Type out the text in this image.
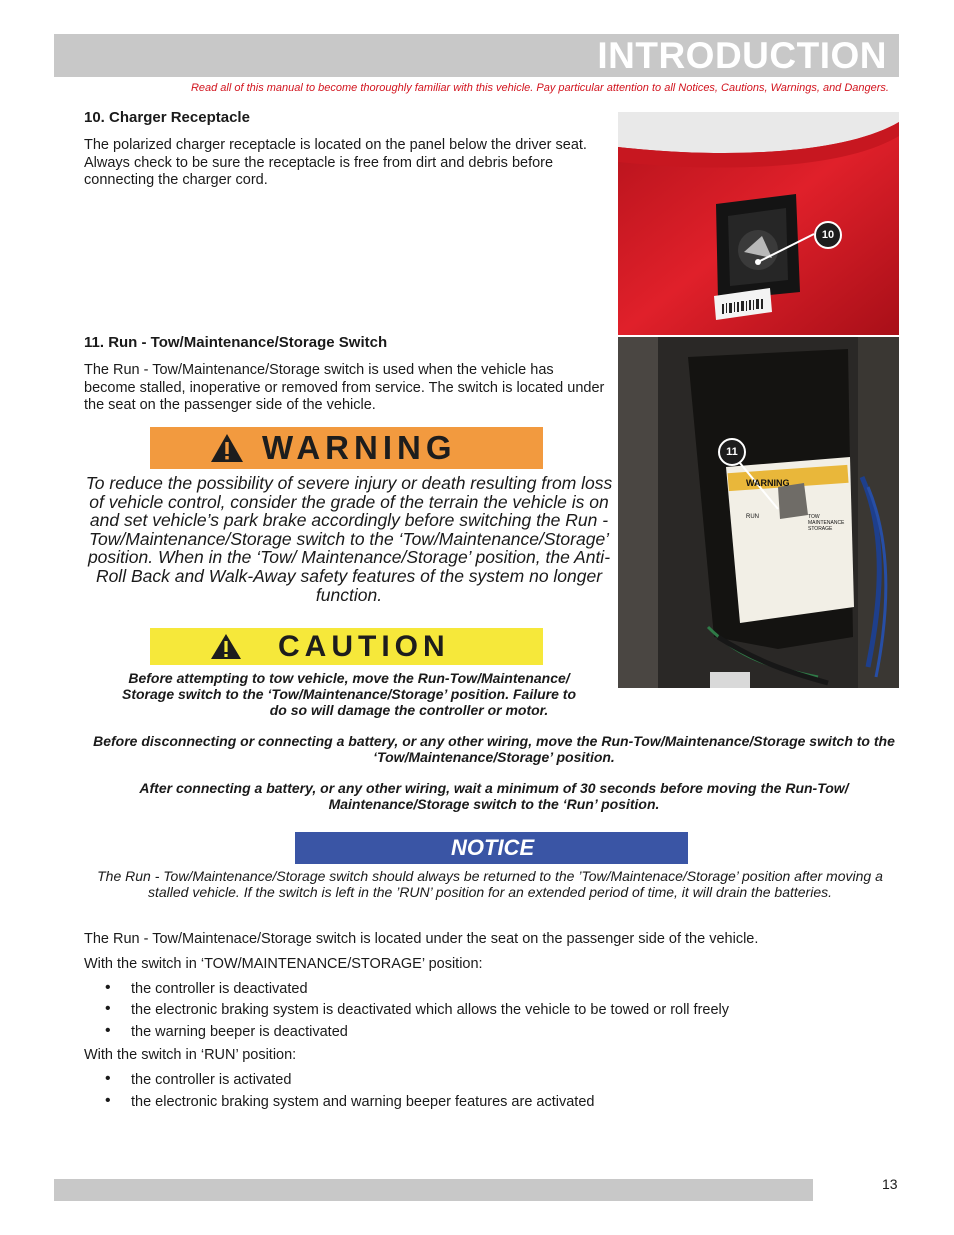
INTRODUCTION
Read all of this manual to become thoroughly familiar with this vehicle. Pay particular attention to all Notices, Cautions, Warnings, and Dangers.
10. Charger Receptacle
The polarized charger receptacle is located on the panel below the driver seat. Always check to be sure the receptacle is free from dirt and debris before connecting the charger cord.
10
11. Run - Tow/Maintenance/Storage Switch
The Run - Tow/Maintenance/Storage switch is used when the vehicle has become stalled, inoperative or removed from service. The switch is located under the seat on the passenger side of the vehicle.
WARNING
RUN	TOW MAINTENANCE STORAGE
11
WARNING
To reduce the possibility of severe injury or death resulting from loss of vehicle control, consider the grade of the terrain the vehicle is on and set vehicle’s park brake accordingly before switching the Run - Tow/Maintenance/Storage switch to the ‘Tow/Maintenance/Storage’ position. When in the ‘Tow/ Maintenance/Storage’ position, the Anti-Roll Back and Walk-Away safety features of the system no longer function.
CAUTION
Before attempting to tow vehicle, move the Run-Tow/Maintenance/
Storage switch to the ‘Tow/Maintenance/Storage’ position. Failure to
do so will damage the controller or motor.
Before disconnecting or connecting a battery, or any other wiring, move the Run-Tow/Maintenance/Storage switch to the ‘Tow/Maintenance/Storage’ position.
After connecting a battery, or any other wiring, wait a minimum of 30 seconds before moving the Run-Tow/ Maintenance/Storage switch to the ‘Run’ position.
NOTICE
The Run - Tow/Maintenance/Storage switch should always be returned to the ’Tow/Maintenace/Storage’ position after moving a stalled vehicle. If the switch is left in the ’RUN’ position for an extended period of time, it will drain the batteries.
The Run - Tow/Maintenace/Storage switch is located under the seat on the passenger side of the vehicle.
With the switch in ‘TOW/MAINTENANCE/STORAGE’ position:
• the controller is deactivated
• the electronic braking system is deactivated which allows the vehicle to be towed or roll freely
• the warning beeper is deactivated
With the switch in ‘RUN’ position:
• the controller is activated
• the electronic braking system and warning beeper features are activated
13
